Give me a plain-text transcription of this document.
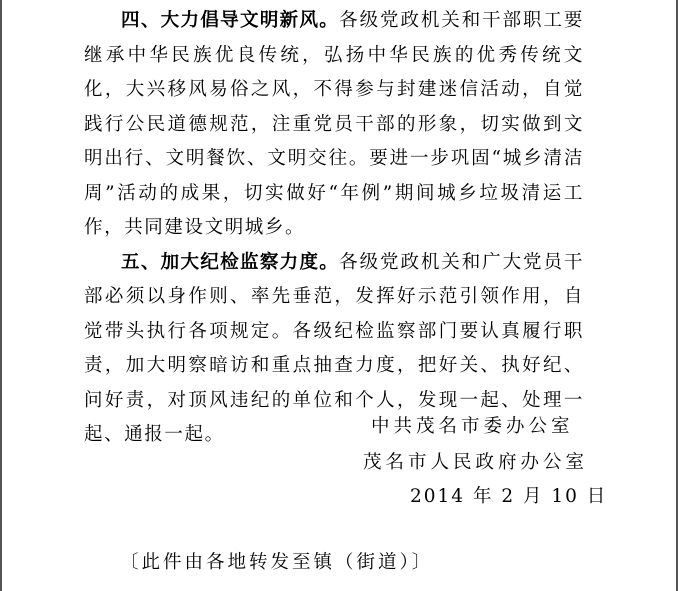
四、大力倡导文明新风。各级党政机关和干部职工要继承中华民族优良传统，弘扬中华民族的优秀传统文化，大兴移风易俗之风，不得参与封建迷信活动，自觉践行公民道德规范，注重党员干部的形象，切实做到文明出行、文明餐饮、文明交往。要进一步巩固“城乡清洁周”活动的成果，切实做好“年例”期间城乡垃圾清运工作，共同建设文明城乡。

五、加大纪检监察力度。各级党政机关和广大党员干部必须以身作则、率先垂范，发挥好示范引领作用，自觉带头执行各项规定。各级纪检监察部门要认真履行职责，加大明察暗访和重点抽查力度，把好关、执好纪、问好责，对顶风违纪的单位和个人，发现一起、处理一起、通报一起。	中共茂名市委办公室
茂名市人民政府办公室
2014 年 2 月 10 日
〔此件由各地转发至镇（街道）〕
